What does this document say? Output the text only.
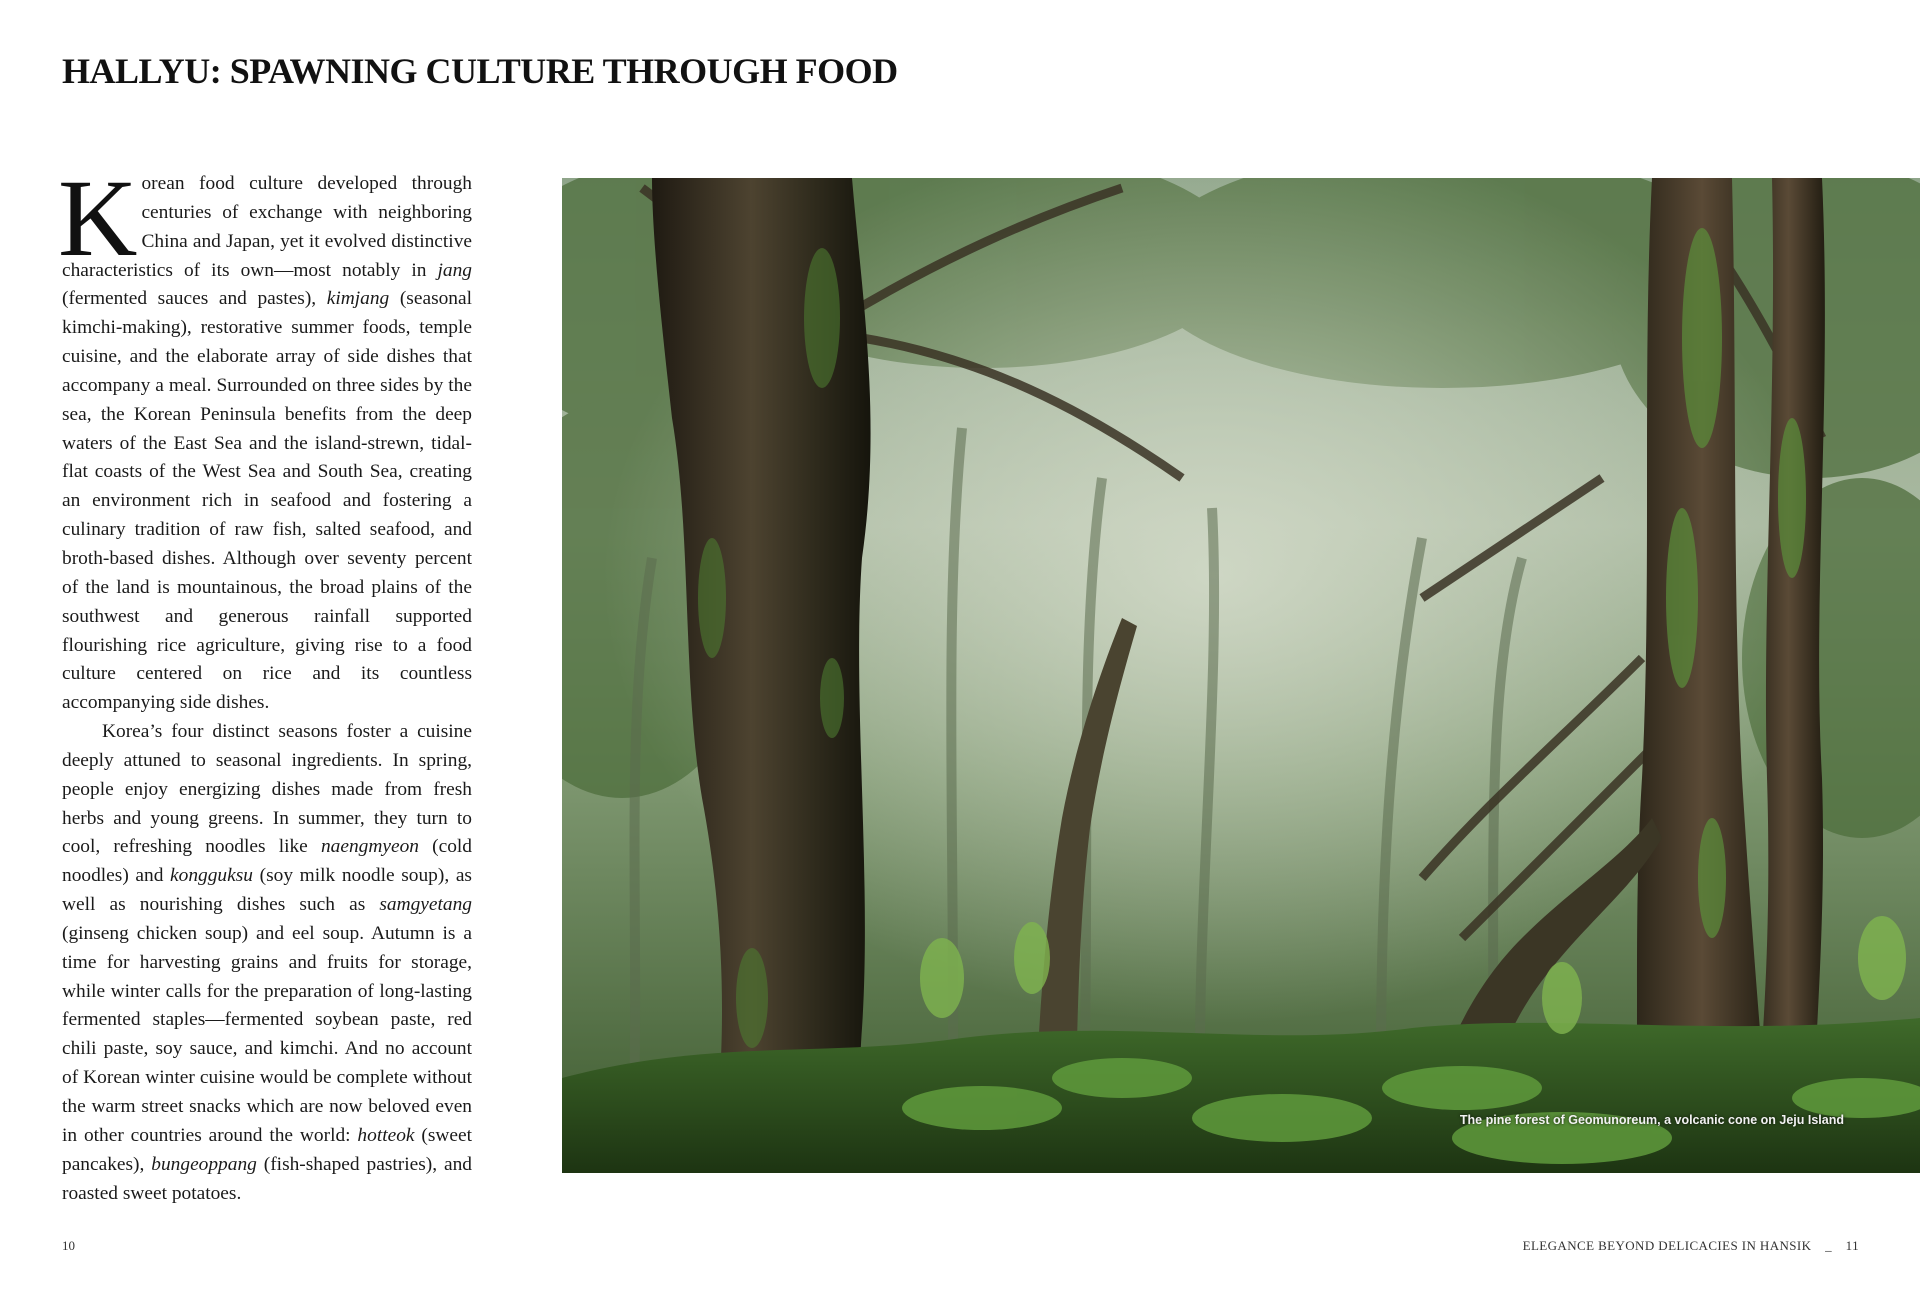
HALLYU: SPAWNING CULTURE THROUGH FOOD

Korean food culture developed through centuries of exchange with neighboring China and Japan, yet it evolved distinctive characteristics of its own—most notably in jang (fermented sauces and pastes), kimjang (seasonal kimchi-making), restorative summer foods, temple cuisine, and the elaborate array of side dishes that accompany a meal. Surrounded on three sides by the sea, the Korean Peninsula benefits from the deep waters of the East Sea and the island-strewn, tidal-flat coasts of the West Sea and South Sea, creating an environment rich in seafood and fostering a culinary tradition of raw fish, salted seafood, and broth-based dishes. Although over seventy percent of the land is mountainous, the broad plains of the southwest and generous rainfall supported flourishing rice agriculture, giving rise to a food culture centered on rice and its countless accompanying side dishes.

Korea’s four distinct seasons foster a cuisine deeply attuned to seasonal ingredients. In spring, people enjoy energizing dishes made from fresh herbs and young greens. In summer, they turn to cool, refreshing noodles like naengmyeon (cold noodles) and kongguksu (soy milk noodle soup), as well as nourishing dishes such as samgyetang (ginseng chicken soup) and eel soup. Autumn is a time for harvesting grains and fruits for storage, while winter calls for the preparation of long-lasting fermented staples—fermented soybean paste, red chili paste, soy sauce, and kimchi. And no account of Korean winter cuisine would be complete without the warm street snacks which are now beloved even in other countries around the world: hotteok (sweet pancakes), bungeoppang (fish-shaped pastries), and roasted sweet potatoes.

The pine forest of Geomunoreum, a volcanic cone on Jeju Island
10	ELEGANCE BEYOND DELICACIES IN HANSIK _ 11
